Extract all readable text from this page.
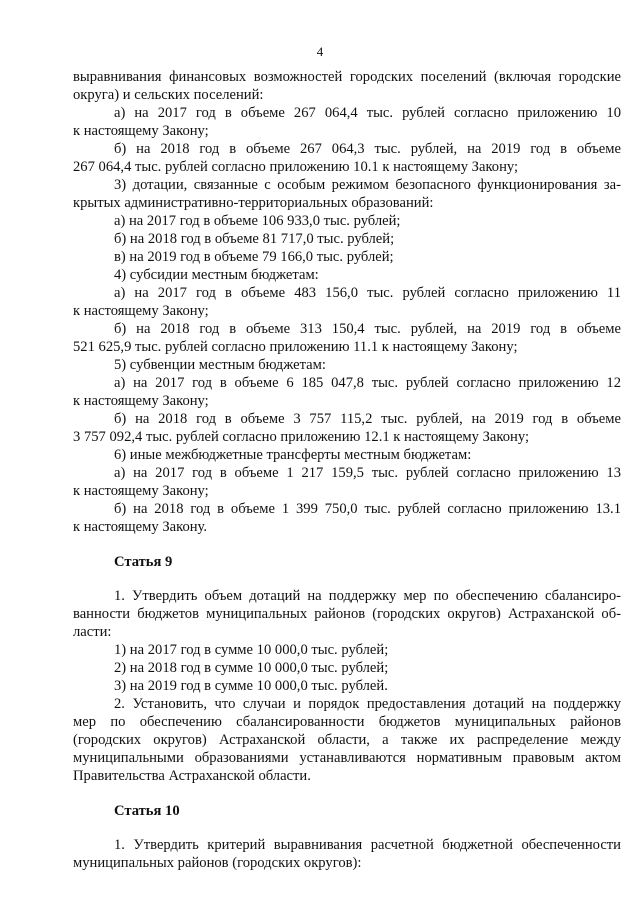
4
выравнивания финансовых возможностей городских поселений (включая городские
округа) и сельских поселений:
а) на 2017 год в объеме 267 064,4 тыс. рублей согласно приложению 10
к настоящему Закону;
б) на 2018 год в объеме 267 064,3 тыс. рублей, на 2019 год в объеме
267 064,4 тыс. рублей согласно приложению 10.1 к настоящему Закону;
3) дотации, связанные с особым режимом безопасного функционирования за-
крытых административно-территориальных образований:
а) на 2017 год в объеме 106 933,0 тыс. рублей;
б) на 2018 год в объеме 81 717,0 тыс. рублей;
в) на 2019 год в объеме 79 166,0 тыс. рублей;
4) субсидии местным бюджетам:
а) на 2017 год в объеме 483 156,0 тыс. рублей согласно приложению 11
к настоящему Закону;
б) на 2018 год в объеме 313 150,4 тыс. рублей, на 2019 год в объеме
521 625,9 тыс. рублей согласно приложению 11.1 к настоящему Закону;
5) субвенции местным бюджетам:
а) на 2017 год в объеме 6 185 047,8 тыс. рублей согласно приложению 12
к настоящему Закону;
б) на 2018 год в объеме 3 757 115,2 тыс. рублей, на 2019 год в объеме
3 757 092,4 тыс. рублей согласно приложению 12.1 к настоящему Закону;
6) иные межбюджетные трансферты местным бюджетам:
а) на 2017 год в объеме 1 217 159,5 тыс. рублей согласно приложению 13
к настоящему Закону;
б) на 2018 год в объеме 1 399 750,0 тыс. рублей согласно приложению 13.1
к настоящему Закону.
Статья 9
1. Утвердить объем дотаций на поддержку мер по обеспечению сбалансиро-
ванности бюджетов муниципальных районов (городских округов) Астраханской об-
ласти:
1) на 2017 год в сумме 10 000,0 тыс. рублей;
2) на 2018 год в сумме 10 000,0 тыс. рублей;
3) на 2019 год в сумме 10 000,0 тыс. рублей.
2. Установить, что случаи и порядок предоставления дотаций на поддержку
мер по обеспечению сбалансированности бюджетов муниципальных районов
(городских округов) Астраханской области, а также их распределение между
муниципальными образованиями устанавливаются нормативным правовым актом
Правительства Астраханской области.
Статья 10
1. Утвердить критерий выравнивания расчетной бюджетной обеспеченности
муниципальных районов (городских округов):
